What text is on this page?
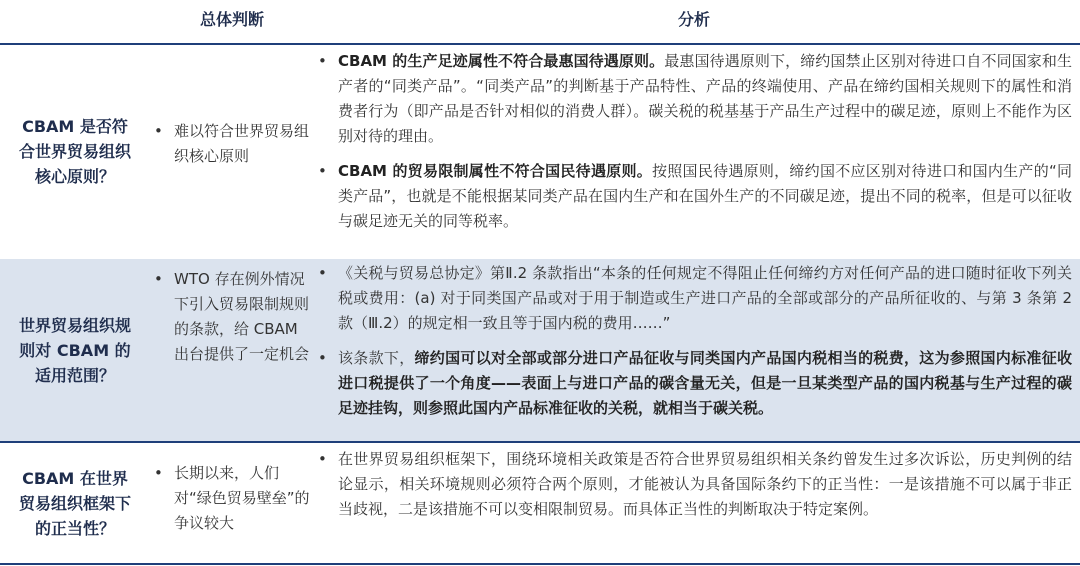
总体判断	分析
CBAM 是否符合世界贸易组织核心原则？
• 难以符合世界贸易组织核心原则
• CBAM 的生产足迹属性不符合最惠国待遇原则。最惠国待遇原则下，缔约国禁止区别对待进口自不同国家和生产者的“同类产品”。“同类产品”的判断基于产品特性、产品的终端使用、产品在缔约国相关规则下的属性和消费者行为（即产品是否针对相似的消费人群）。碳关税的税基基于产品生产过程中的碳足迹，原则上不能作为区别对待的理由。
• CBAM 的贸易限制属性不符合国民待遇原则。按照国民待遇原则，缔约国不应区别对待进口和国内生产的“同类产品”，也就是不能根据某同类产品在国内生产和在国外生产的不同碳足迹，提出不同的税率，但是可以征收与碳足迹无关的同等税率。
世界贸易组织规则对 CBAM 的适用范围？
• WTO 存在例外情况下引入贸易限制规则的条款，给 CBAM 出台提供了一定机会
• 《关税与贸易总协定》第Ⅱ.2 条款指出“本条的任何规定不得阻止任何缔约方对任何产品的进口随时征收下列关税或费用：(a) 对于同类国产品或对于用于制造或生产进口产品的全部或部分的产品所征收的、与第 3 条第 2 款（Ⅲ.2）的规定相一致且等于国内税的费用……”
• 该条款下，缔约国可以对全部或部分进口产品征收与同类国内产品国内税相当的税费，这为参照国内标准征收进口税提供了一个角度——表面上与进口产品的碳含量无关，但是一旦某类型产品的国内税基与生产过程的碳足迹挂钩，则参照此国内产品标准征收的关税，就相当于碳关税。
CBAM 在世界贸易组织框架下的正当性？
• 长期以来，人们对“绿色贸易壁垒”的争议较大
• 在世界贸易组织框架下，围绕环境相关政策是否符合世界贸易组织相关条约曾发生过多次诉讼，历史判例的结论显示，相关环境规则必须符合两个原则，才能被认为具备国际条约下的正当性：一是该措施不可以属于非正当歧视，二是该措施不可以变相限制贸易。而具体正当性的判断取决于特定案例。
